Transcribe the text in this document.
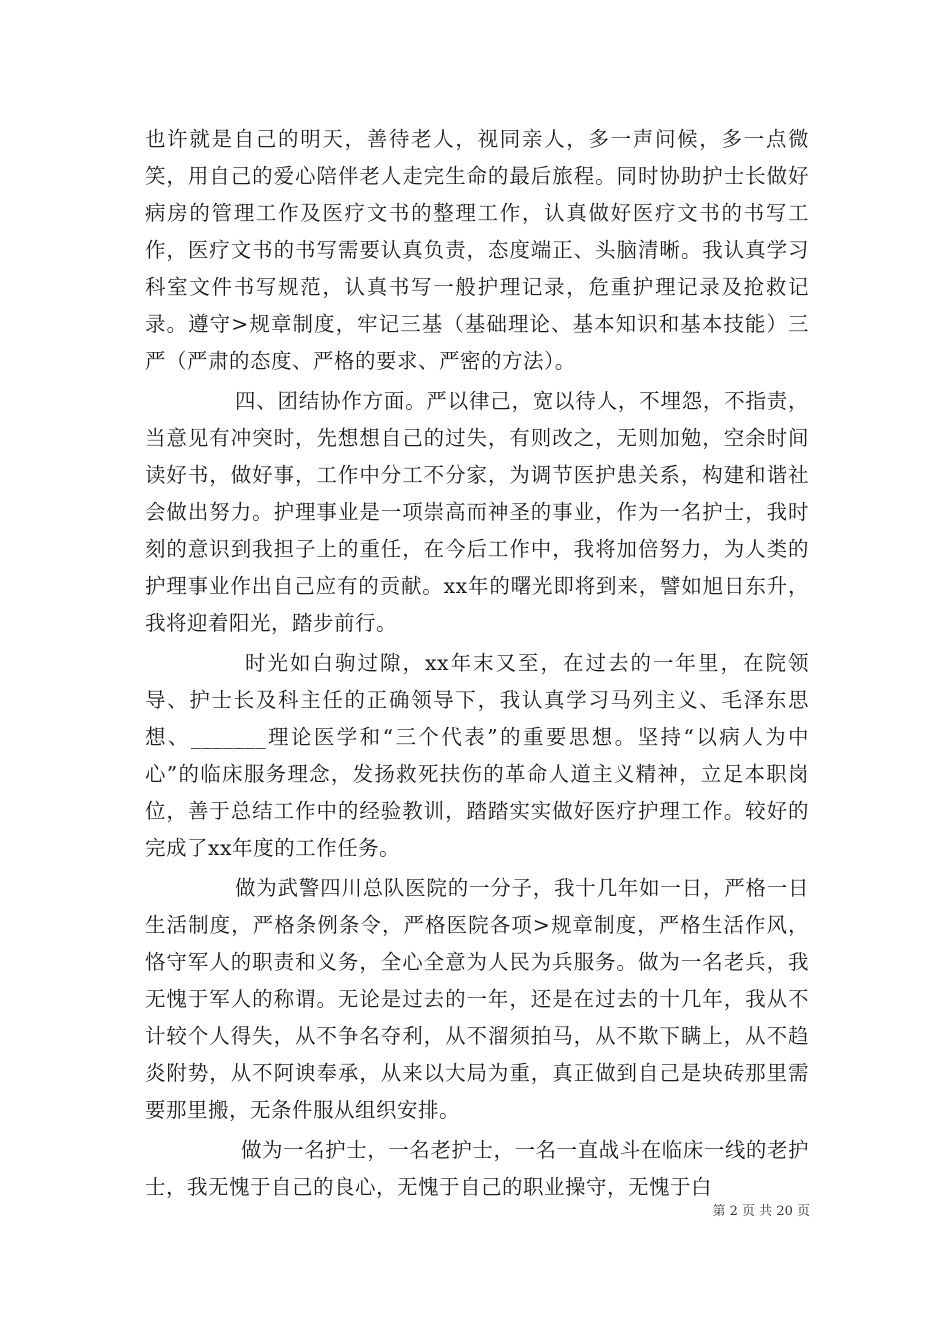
也许就是自己的明天，善待老人，视同亲人，多一声问候，多一点微笑，用自己的爱心陪伴老人走完生命的最后旅程。同时协助护士长做好病房的管理工作及医疗文书的整理工作，认真做好医疗文书的书写工作，医疗文书的书写需要认真负责，态度端正、头脑清晰。我认真学习科室文件书写规范，认真书写一般护理记录，危重护理记录及抢救记录。遵守>规章制度，牢记三基（基础理论、基本知识和基本技能）三严（严肃的态度、严格的要求、严密的方法）。

四、团结协作方面。严以律己，宽以待人，不埋怨，不指责，当意见有冲突时，先想想自己的过失，有则改之，无则加勉，空余时间读好书，做好事，工作中分工不分家，为调节医护患关系，构建和谐社会做出努力。护理事业是一项崇高而神圣的事业，作为一名护士，我时刻的意识到我担子上的重任，在今后工作中，我将加倍努力，为人类的护理事业作出自己应有的贡献。xx年的曙光即将到来，譬如旭日东升，我将迎着阳光，踏步前行。

时光如白驹过隙，xx年末又至，在过去的一年里，在院领导、护士长及科主任的正确领导下，我认真学习马列主义、毛泽东思想、_______理论医学和“三个代表”的重要思想。坚持“以病人为中心”的临床服务理念，发扬救死扶伤的革命人道主义精神，立足本职岗位，善于总结工作中的经验教训，踏踏实实做好医疗护理工作。较好的完成了xx年度的工作任务。

做为武警四川总队医院的一分子，我十几年如一日，严格一日生活制度，严格条例条令，严格医院各项>规章制度，严格生活作风，恪守军人的职责和义务，全心全意为人民为兵服务。做为一名老兵，我无愧于军人的称谓。无论是过去的一年，还是在过去的十几年，我从不计较个人得失，从不争名夺利，从不溜须拍马，从不欺下瞒上，从不趋炎附势，从不阿谀奉承，从来以大局为重，真正做到自己是块砖那里需要那里搬，无条件服从组织安排。

做为一名护士，一名老护士，一名一直战斗在临床一线的老护士，我无愧于自己的良心，无愧于自己的职业操守，无愧于白

第 2 页 共 20 页
